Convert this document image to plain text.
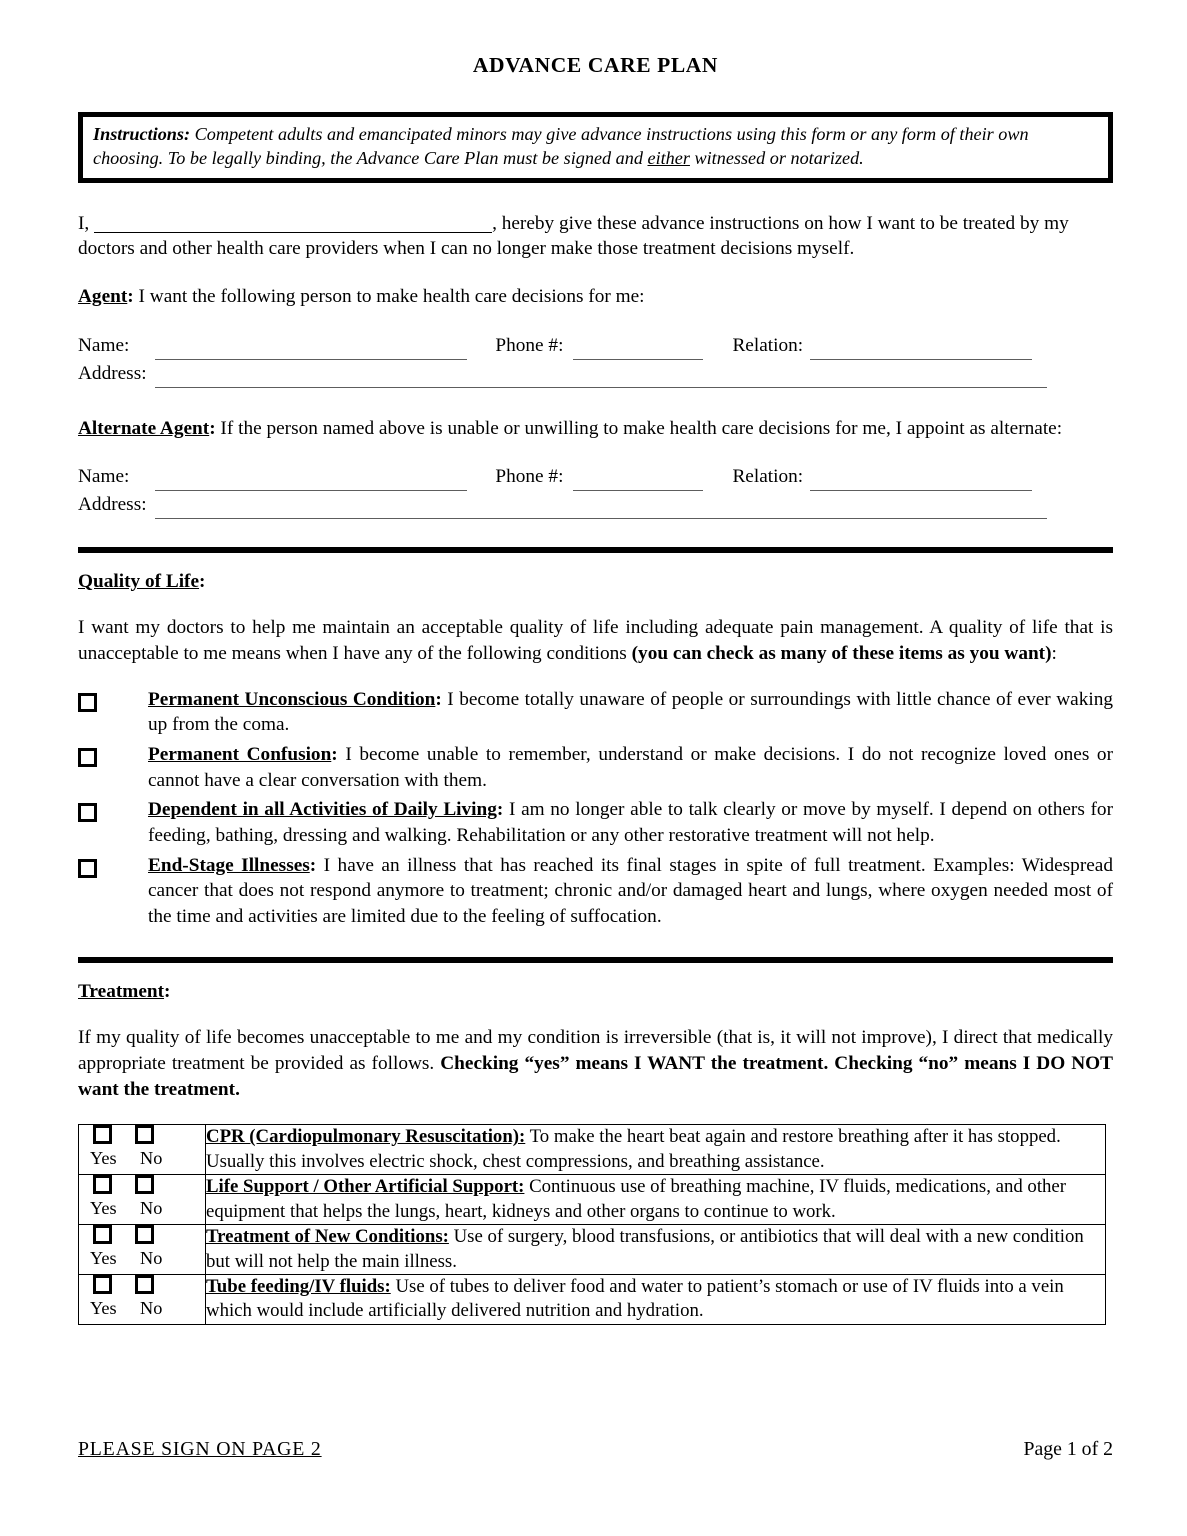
ADVANCE CARE PLAN

Instructions: Competent adults and emancipated minors may give advance instructions using this form or any form of their own choosing. To be legally binding, the Advance Care Plan must be signed and either witnessed or notarized.

I,	, hereby give these advance instructions on how I want to be treated by my doctors and other health care providers when I can no longer make those treatment decisions myself.

Agent: I want the following person to make health care decisions for me:

Name:	Phone #:	Relation:
Address:

Alternate Agent: If the person named above is unable or unwilling to make health care decisions for me, I appoint as alternate:

Name:	Phone #:	Relation:
Address:

Quality of Life:

I want my doctors to help me maintain an acceptable quality of life including adequate pain management. A quality of life that is unacceptable to me means when I have any of the following conditions (you can check as many of these items as you want):

Permanent Unconscious Condition: I become totally unaware of people or surroundings with little chance of ever waking up from the coma.
Permanent Confusion: I become unable to remember, understand or make decisions. I do not recognize loved ones or cannot have a clear conversation with them.
Dependent in all Activities of Daily Living: I am no longer able to talk clearly or move by myself. I depend on others for feeding, bathing, dressing and walking. Rehabilitation or any other restorative treatment will not help.
End-Stage Illnesses: I have an illness that has reached its final stages in spite of full treatment. Examples: Widespread cancer that does not respond anymore to treatment; chronic and/or damaged heart and lungs, where oxygen needed most of the time and activities are limited due to the feeling of suffocation.

Treatment:

If my quality of life becomes unacceptable to me and my condition is irreversible (that is, it will not improve), I direct that medically appropriate treatment be provided as follows. Checking “yes” means I WANT the treatment. Checking “no” means I DO NOT want the treatment.

Yes No	CPR (Cardiopulmonary Resuscitation): To make the heart beat again and restore breathing after it has stopped. Usually this involves electric shock, chest compressions, and breathing assistance.

Yes No	Life Support / Other Artificial Support: Continuous use of breathing machine, IV fluids, medications, and other equipment that helps the lungs, heart, kidneys and other organs to continue to work.

Yes No	Treatment of New Conditions: Use of surgery, blood transfusions, or antibiotics that will deal with a new condition but will not help the main illness.

Yes No	Tube feeding/IV fluids: Use of tubes to deliver food and water to patient’s stomach or use of IV fluids into a vein which would include artificially delivered nutrition and hydration.
PLEASE SIGN ON PAGE 2	Page 1 of 2
